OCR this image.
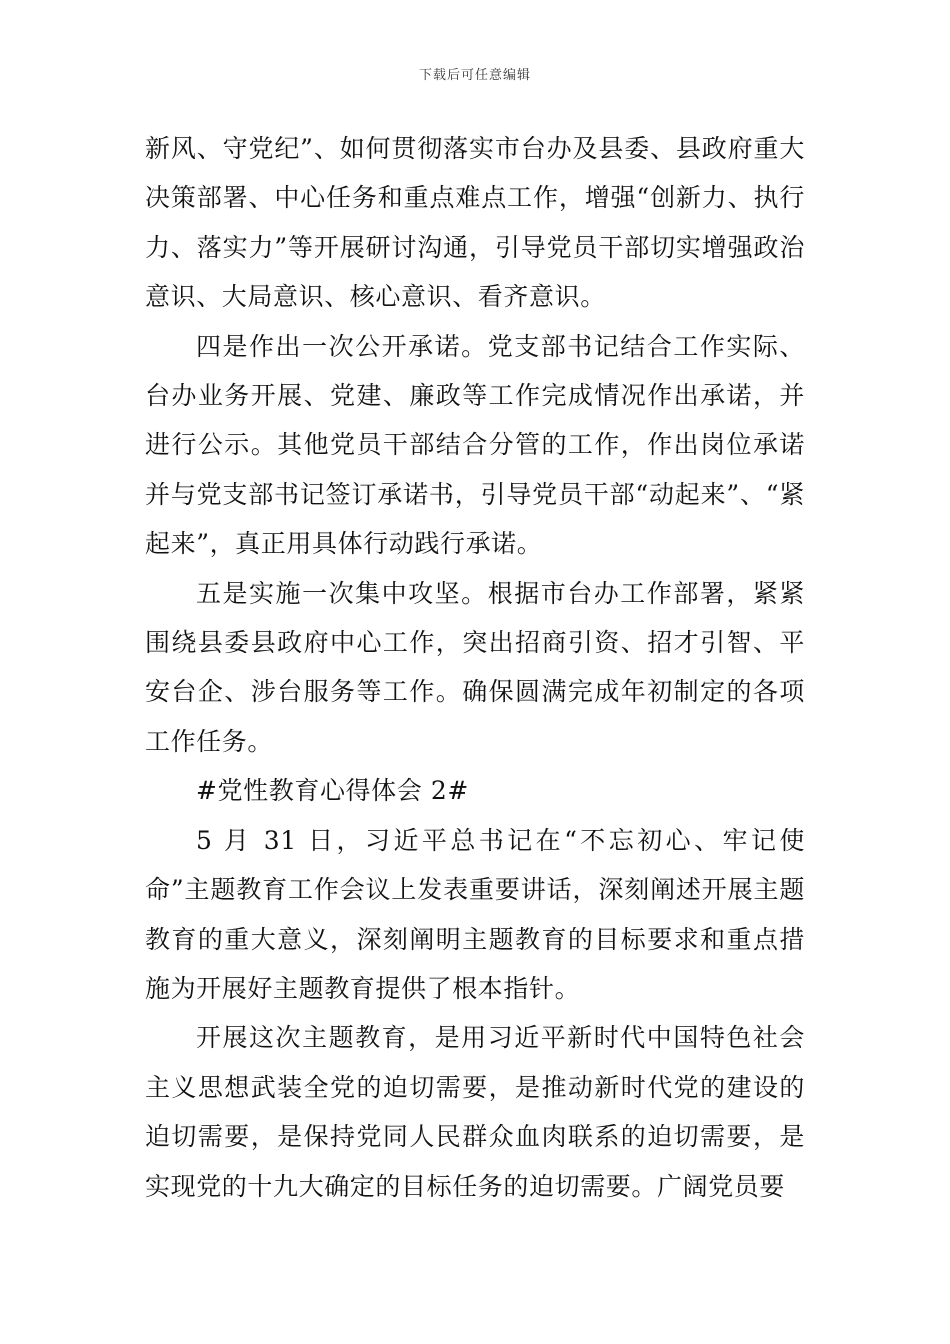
下载后可任意编辑

新风、守党纪”、如何贯彻落实市台办及县委、县政府重大决策部署、中心任务和重点难点工作，增强“创新力、执行力、落实力”等开展研讨沟通，引导党员干部切实增强政治意识、大局意识、核心意识、看齐意识。

四是作出一次公开承诺。党支部书记结合工作实际、台办业务开展、党建、廉政等工作完成情况作出承诺，并进行公示。其他党员干部结合分管的工作，作出岗位承诺并与党支部书记签订承诺书，引导党员干部“动起来”、“紧起来”，真正用具体行动践行承诺。

五是实施一次集中攻坚。根据市台办工作部署，紧紧围绕县委县政府中心工作，突出招商引资、招才引智、平安台企、涉台服务等工作。确保圆满完成年初制定的各项工作任务。

#党性教育心得体会 2#

5 月 31 日，习近平总书记在“不忘初心、牢记使命”主题教育工作会议上发表重要讲话，深刻阐述开展主题教育的重大意义，深刻阐明主题教育的目标要求和重点措施为开展好主题教育提供了根本指针。

开展这次主题教育，是用习近平新时代中国特色社会主义思想武装全党的迫切需要，是推动新时代党的建设的迫切需要，是保持党同人民群众血肉联系的迫切需要，是实现党的十九大确定的目标任务的迫切需要。广阔党员要
